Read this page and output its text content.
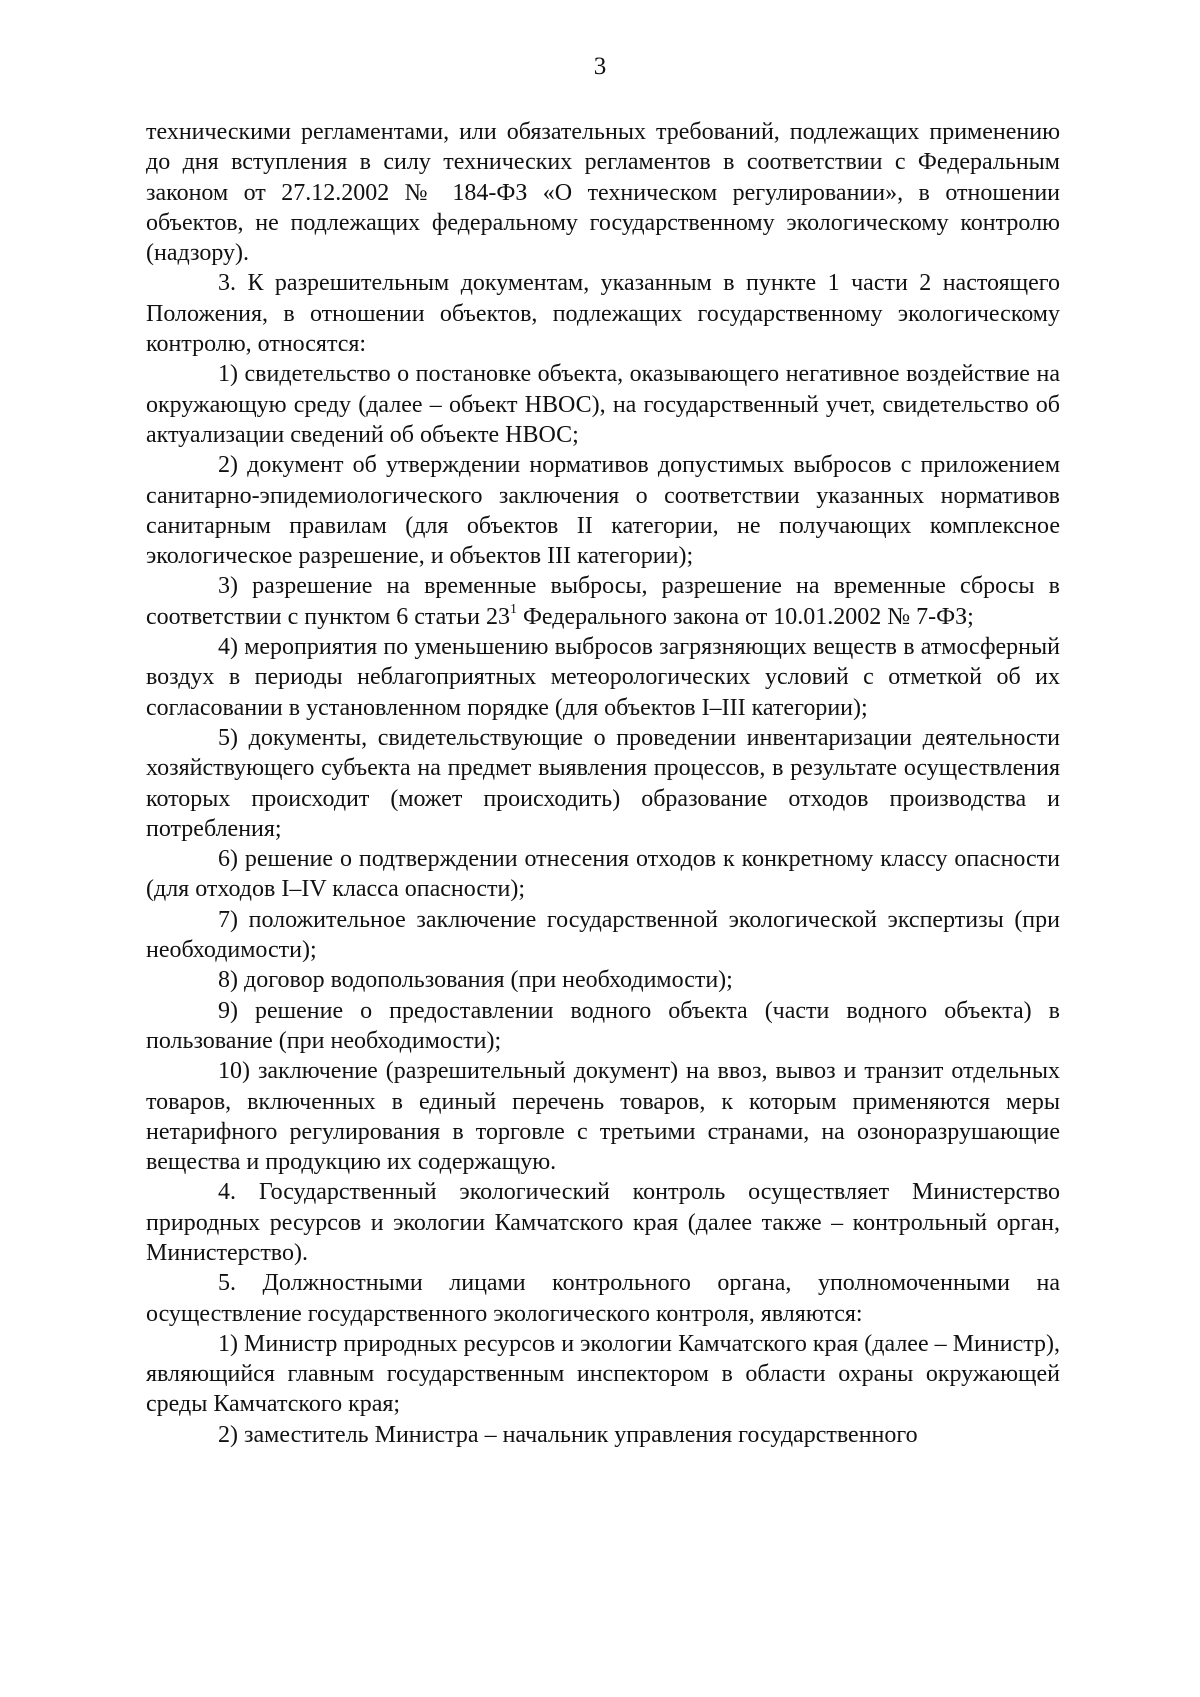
3

техническими регламентами, или обязательных требований, подлежащих применению до дня вступления в силу технических регламентов в соответствии с Федеральным законом от 27.12.2002 № 184-ФЗ «О техническом регулировании», в отношении объектов, не подлежащих федеральному государственному экологическому контролю (надзору).

3. К разрешительным документам, указанным в пункте 1 части 2 настоящего Положения, в отношении объектов, подлежащих государственному экологическому контролю, относятся:

1) свидетельство о постановке объекта, оказывающего негативное воздействие на окружающую среду (далее – объект НВОС), на государственный учет, свидетельство об актуализации сведений об объекте НВОС;

2) документ об утверждении нормативов допустимых выбросов с приложением санитарно-эпидемиологического заключения о соответствии указанных нормативов санитарным правилам (для объектов II категории, не получающих комплексное экологическое разрешение, и объектов III категории);

3) разрешение на временные выбросы, разрешение на временные сбросы в соответствии с пунктом 6 статьи $23^1$ Федерального закона от 10.01.2002 № 7-ФЗ;

4) мероприятия по уменьшению выбросов загрязняющих веществ в атмосферный воздух в периоды неблагоприятных метеорологических условий с отметкой об их согласовании в установленном порядке (для объектов I–III категории);

5) документы, свидетельствующие о проведении инвентаризации деятельности хозяйствующего субъекта на предмет выявления процессов, в результате осуществления которых происходит (может происходить) образование отходов производства и потребления;

6) решение о подтверждении отнесения отходов к конкретному классу опасности (для отходов I–IV класса опасности);

7) положительное заключение государственной экологической экспертизы (при необходимости);

8) договор водопользования (при необходимости);

9) решение о предоставлении водного объекта (части водного объекта) в пользование (при необходимости);

10) заключение (разрешительный документ) на ввоз, вывоз и транзит отдельных товаров, включенных в единый перечень товаров, к которым применяются меры нетарифного регулирования в торговле с третьими странами, на озоноразрушающие вещества и продукцию их содержащую.

4. Государственный экологический контроль осуществляет Министерство природных ресурсов и экологии Камчатского края (далее также – контрольный орган, Министерство).

5. Должностными лицами контрольного органа, уполномоченными на осуществление государственного экологического контроля, являются:

1) Министр природных ресурсов и экологии Камчатского края (далее – Министр), являющийся главным государственным инспектором в области охраны окружающей среды Камчатского края;

2) заместитель Министра – начальник управления государственного
